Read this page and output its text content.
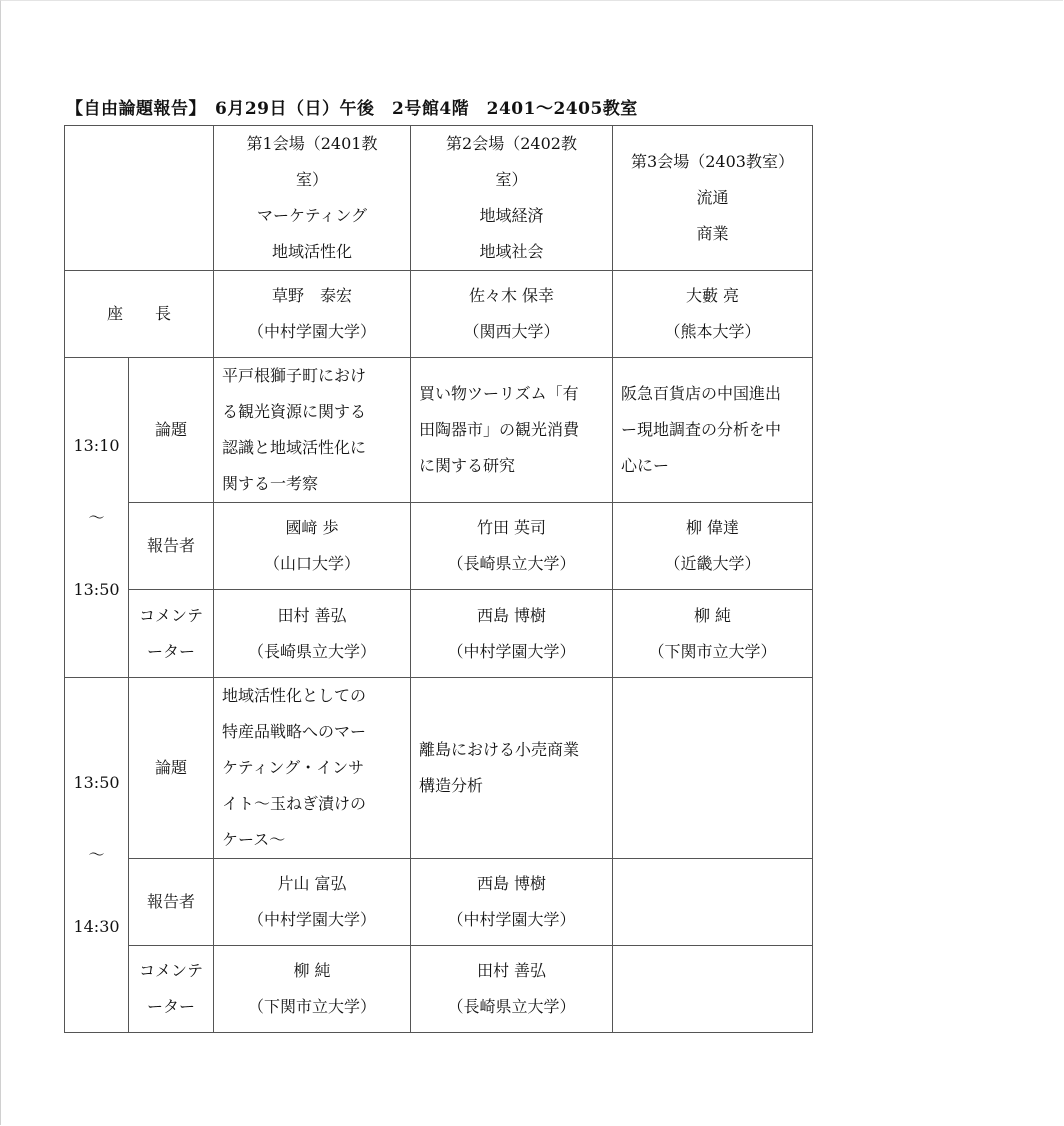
【自由論題報告】　6月29日（日）午後　2号館4階　2401～2405教室

		第1会場（2401教
室）
マーケティング
地域活性化	第2会場（2402教
室）
地域経済
地域社会	第3会場（2403教室）
流通
商業

座　　長		草野　泰宏
（中村学園大学）	佐々木 保幸
（関西大学）	大藪 亮
（熊本大学）

13:10
～
13:50	論題	平戸根獅子町におけ
る観光資源に関する
認識と地域活性化に
関する一考察	買い物ツーリズム「有
田陶器市」の観光消費
に関する研究	阪急百貨店の中国進出
ー現地調査の分析を中
心にー

	報告者	國﨑 歩
（山口大学）	竹田 英司
（長崎県立大学）	柳 偉達
（近畿大学）

	コメンテ
ーター	田村 善弘
（長崎県立大学）	西島 博樹
（中村学園大学）	柳 純
（下関市立大学）

13:50
～
14:30	論題	地域活性化としての
特産品戦略へのマー
ケティング・インサ
イト～玉ねぎ漬けの
ケース～	離島における小売商業
構造分析	

	報告者	片山 富弘
（中村学園大学）	西島 博樹
（中村学園大学）	

	コメンテ
ーター	柳 純
（下関市立大学）	田村 善弘
（長崎県立大学）	
